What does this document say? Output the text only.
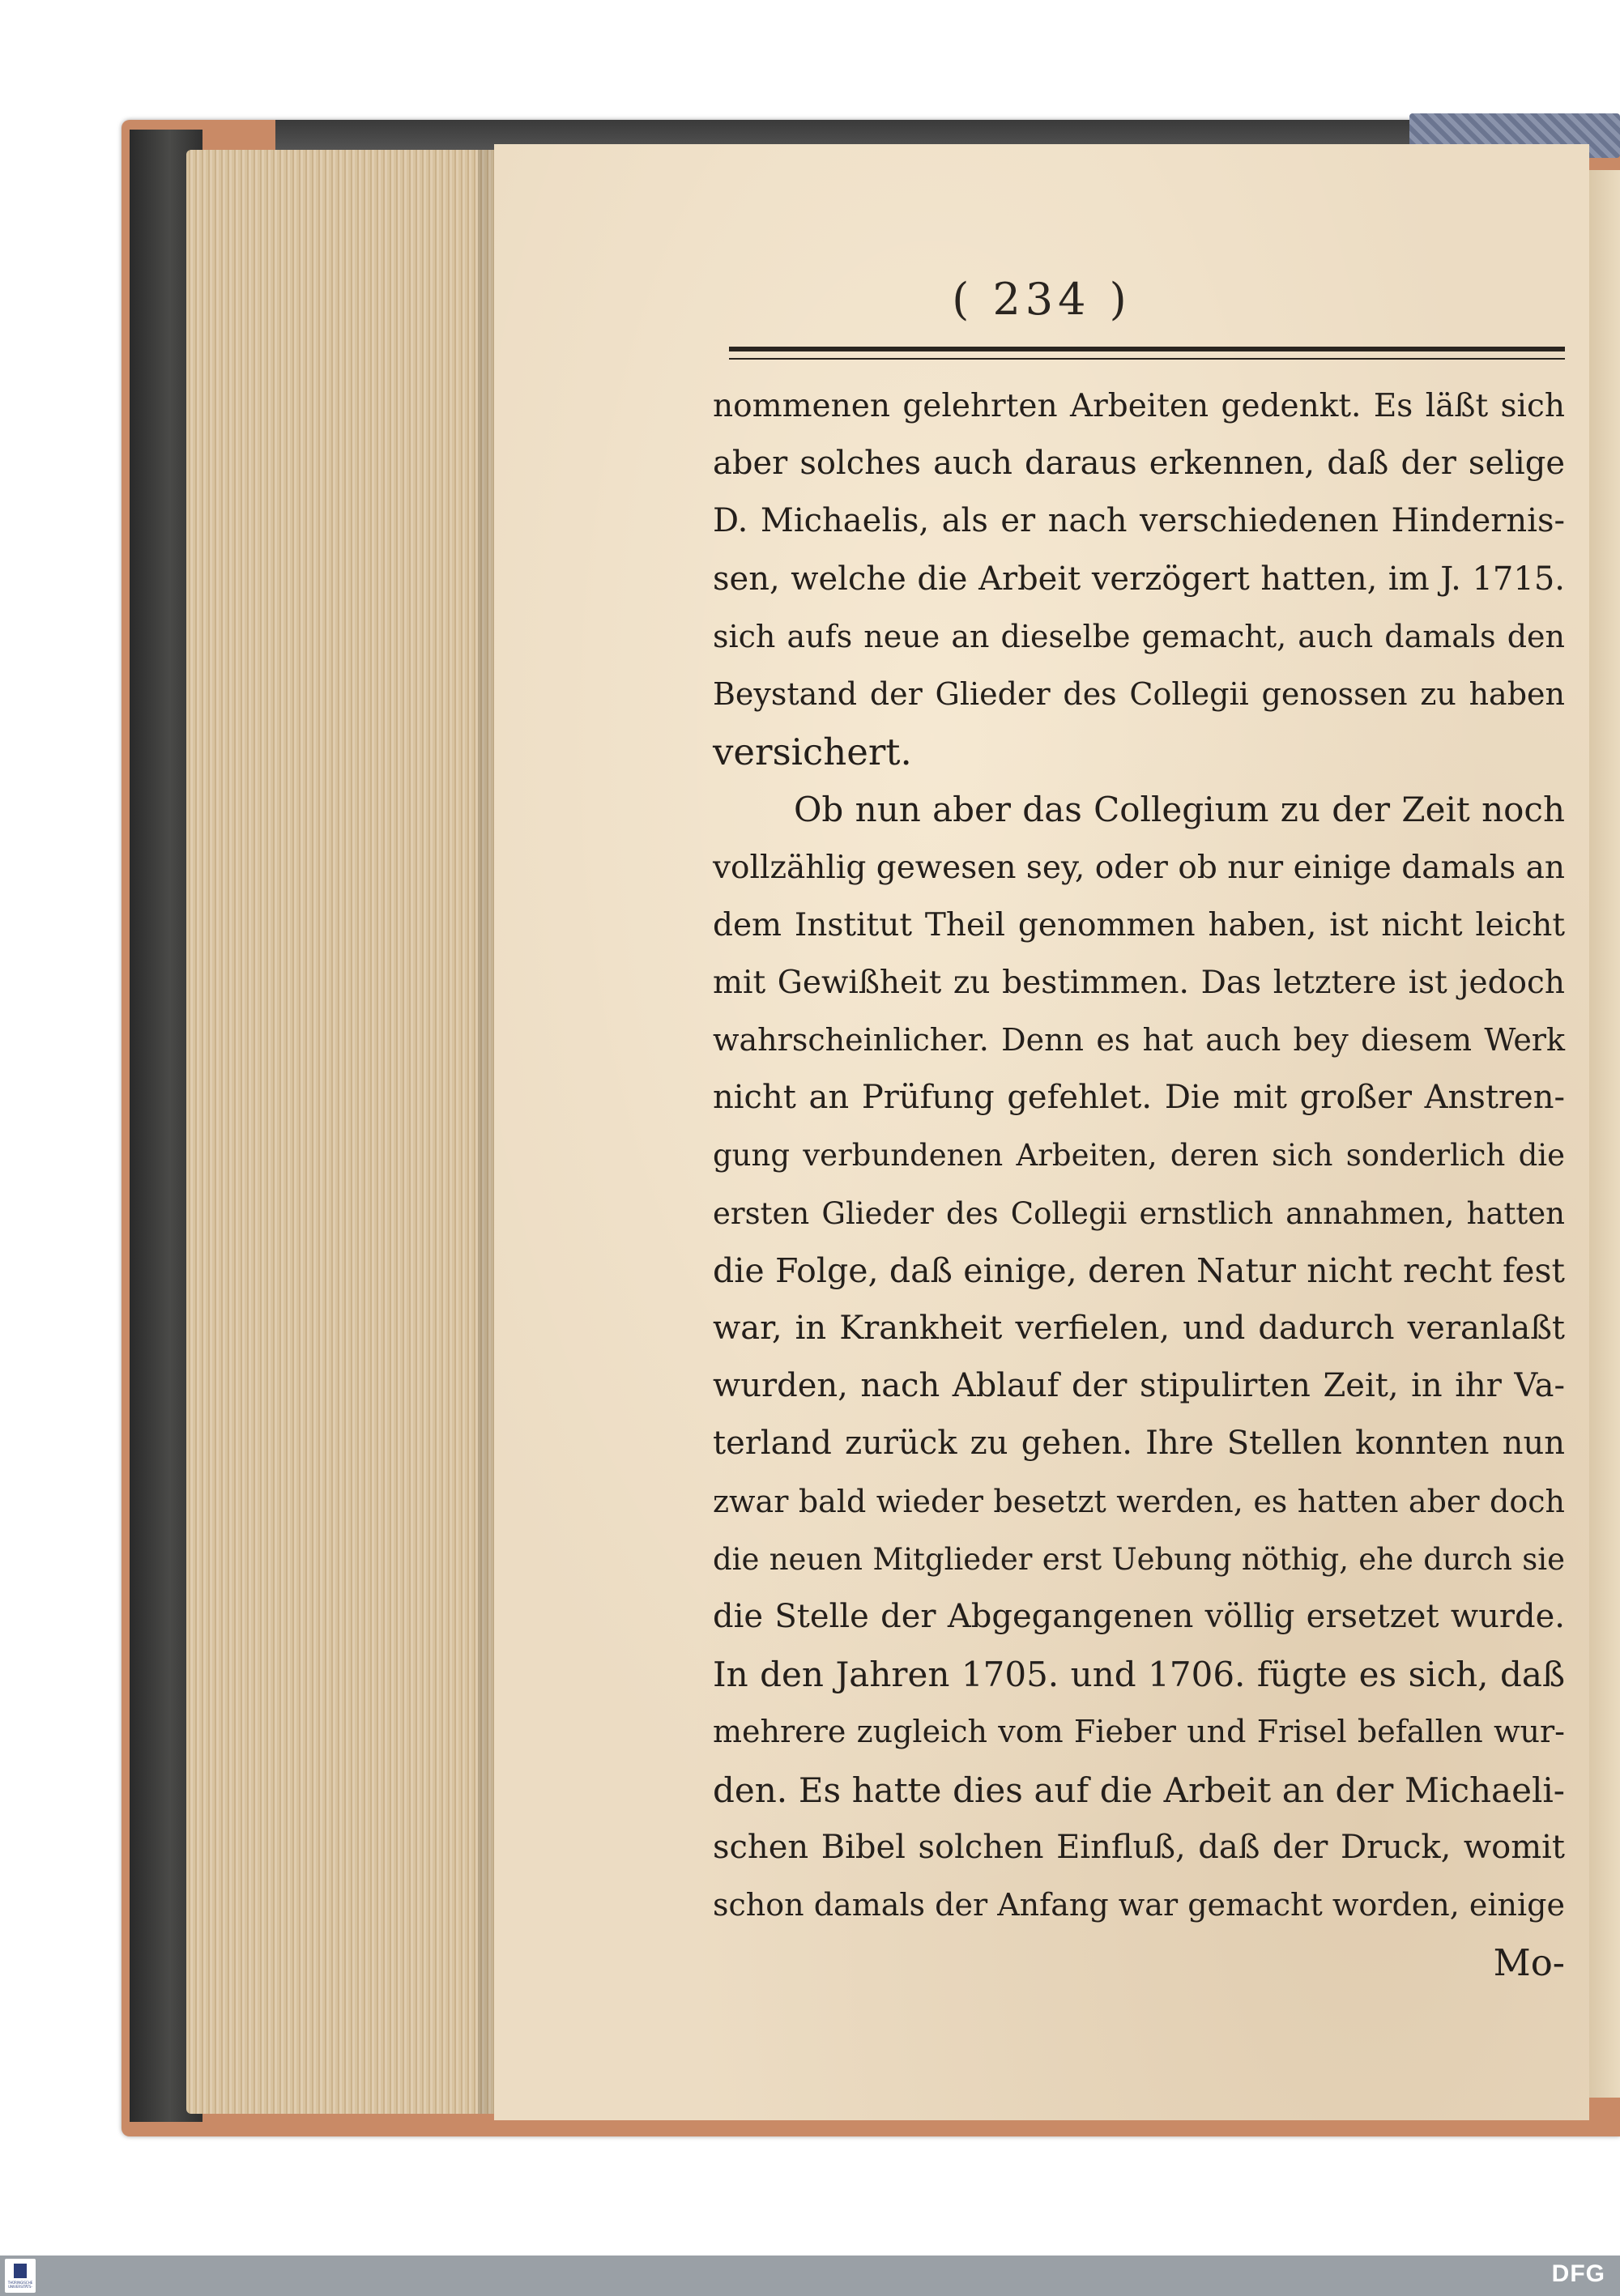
( 234 )
nommenen gelehrten Arbeiten gedenkt. Es läßt sich
aber solches auch daraus erkennen, daß der selige
D. Michaelis, als er nach verschiedenen Hindernis-
sen, welche die Arbeit verzögert hatten, im J. 1715.
sich aufs neue an dieselbe gemacht, auch damals den
Beystand der Glieder des Collegii genossen zu haben
versichert.
Ob nun aber das Collegium zu der Zeit noch
vollzählig gewesen sey, oder ob nur einige damals an
dem Institut Theil genommen haben, ist nicht leicht
mit Gewißheit zu bestimmen. Das letztere ist jedoch
wahrscheinlicher. Denn es hat auch bey diesem Werk
nicht an Prüfung gefehlet. Die mit großer Anstren-
gung verbundenen Arbeiten, deren sich sonderlich die
ersten Glieder des Collegii ernstlich annahmen, hatten
die Folge, daß einige, deren Natur nicht recht fest
war, in Krankheit verfielen, und dadurch veranlaßt
wurden, nach Ablauf der stipulirten Zeit, in ihr Va-
terland zurück zu gehen. Ihre Stellen konnten nun
zwar bald wieder besetzt werden, es hatten aber doch
die neuen Mitglieder erst Uebung nöthig, ehe durch sie
die Stelle der Abgegangenen völlig ersetzet wurde.
In den Jahren 1705. und 1706. fügte es sich, daß
mehrere zugleich vom Fieber und Frisel befallen wur-
den. Es hatte dies auf die Arbeit an der Michaeli-
schen Bibel solchen Einfluß, daß der Druck, womit
schon damals der Anfang war gemacht worden, einige
Mo-
THÜRINGISCHE UNIVERSITÄTS-	DFG
